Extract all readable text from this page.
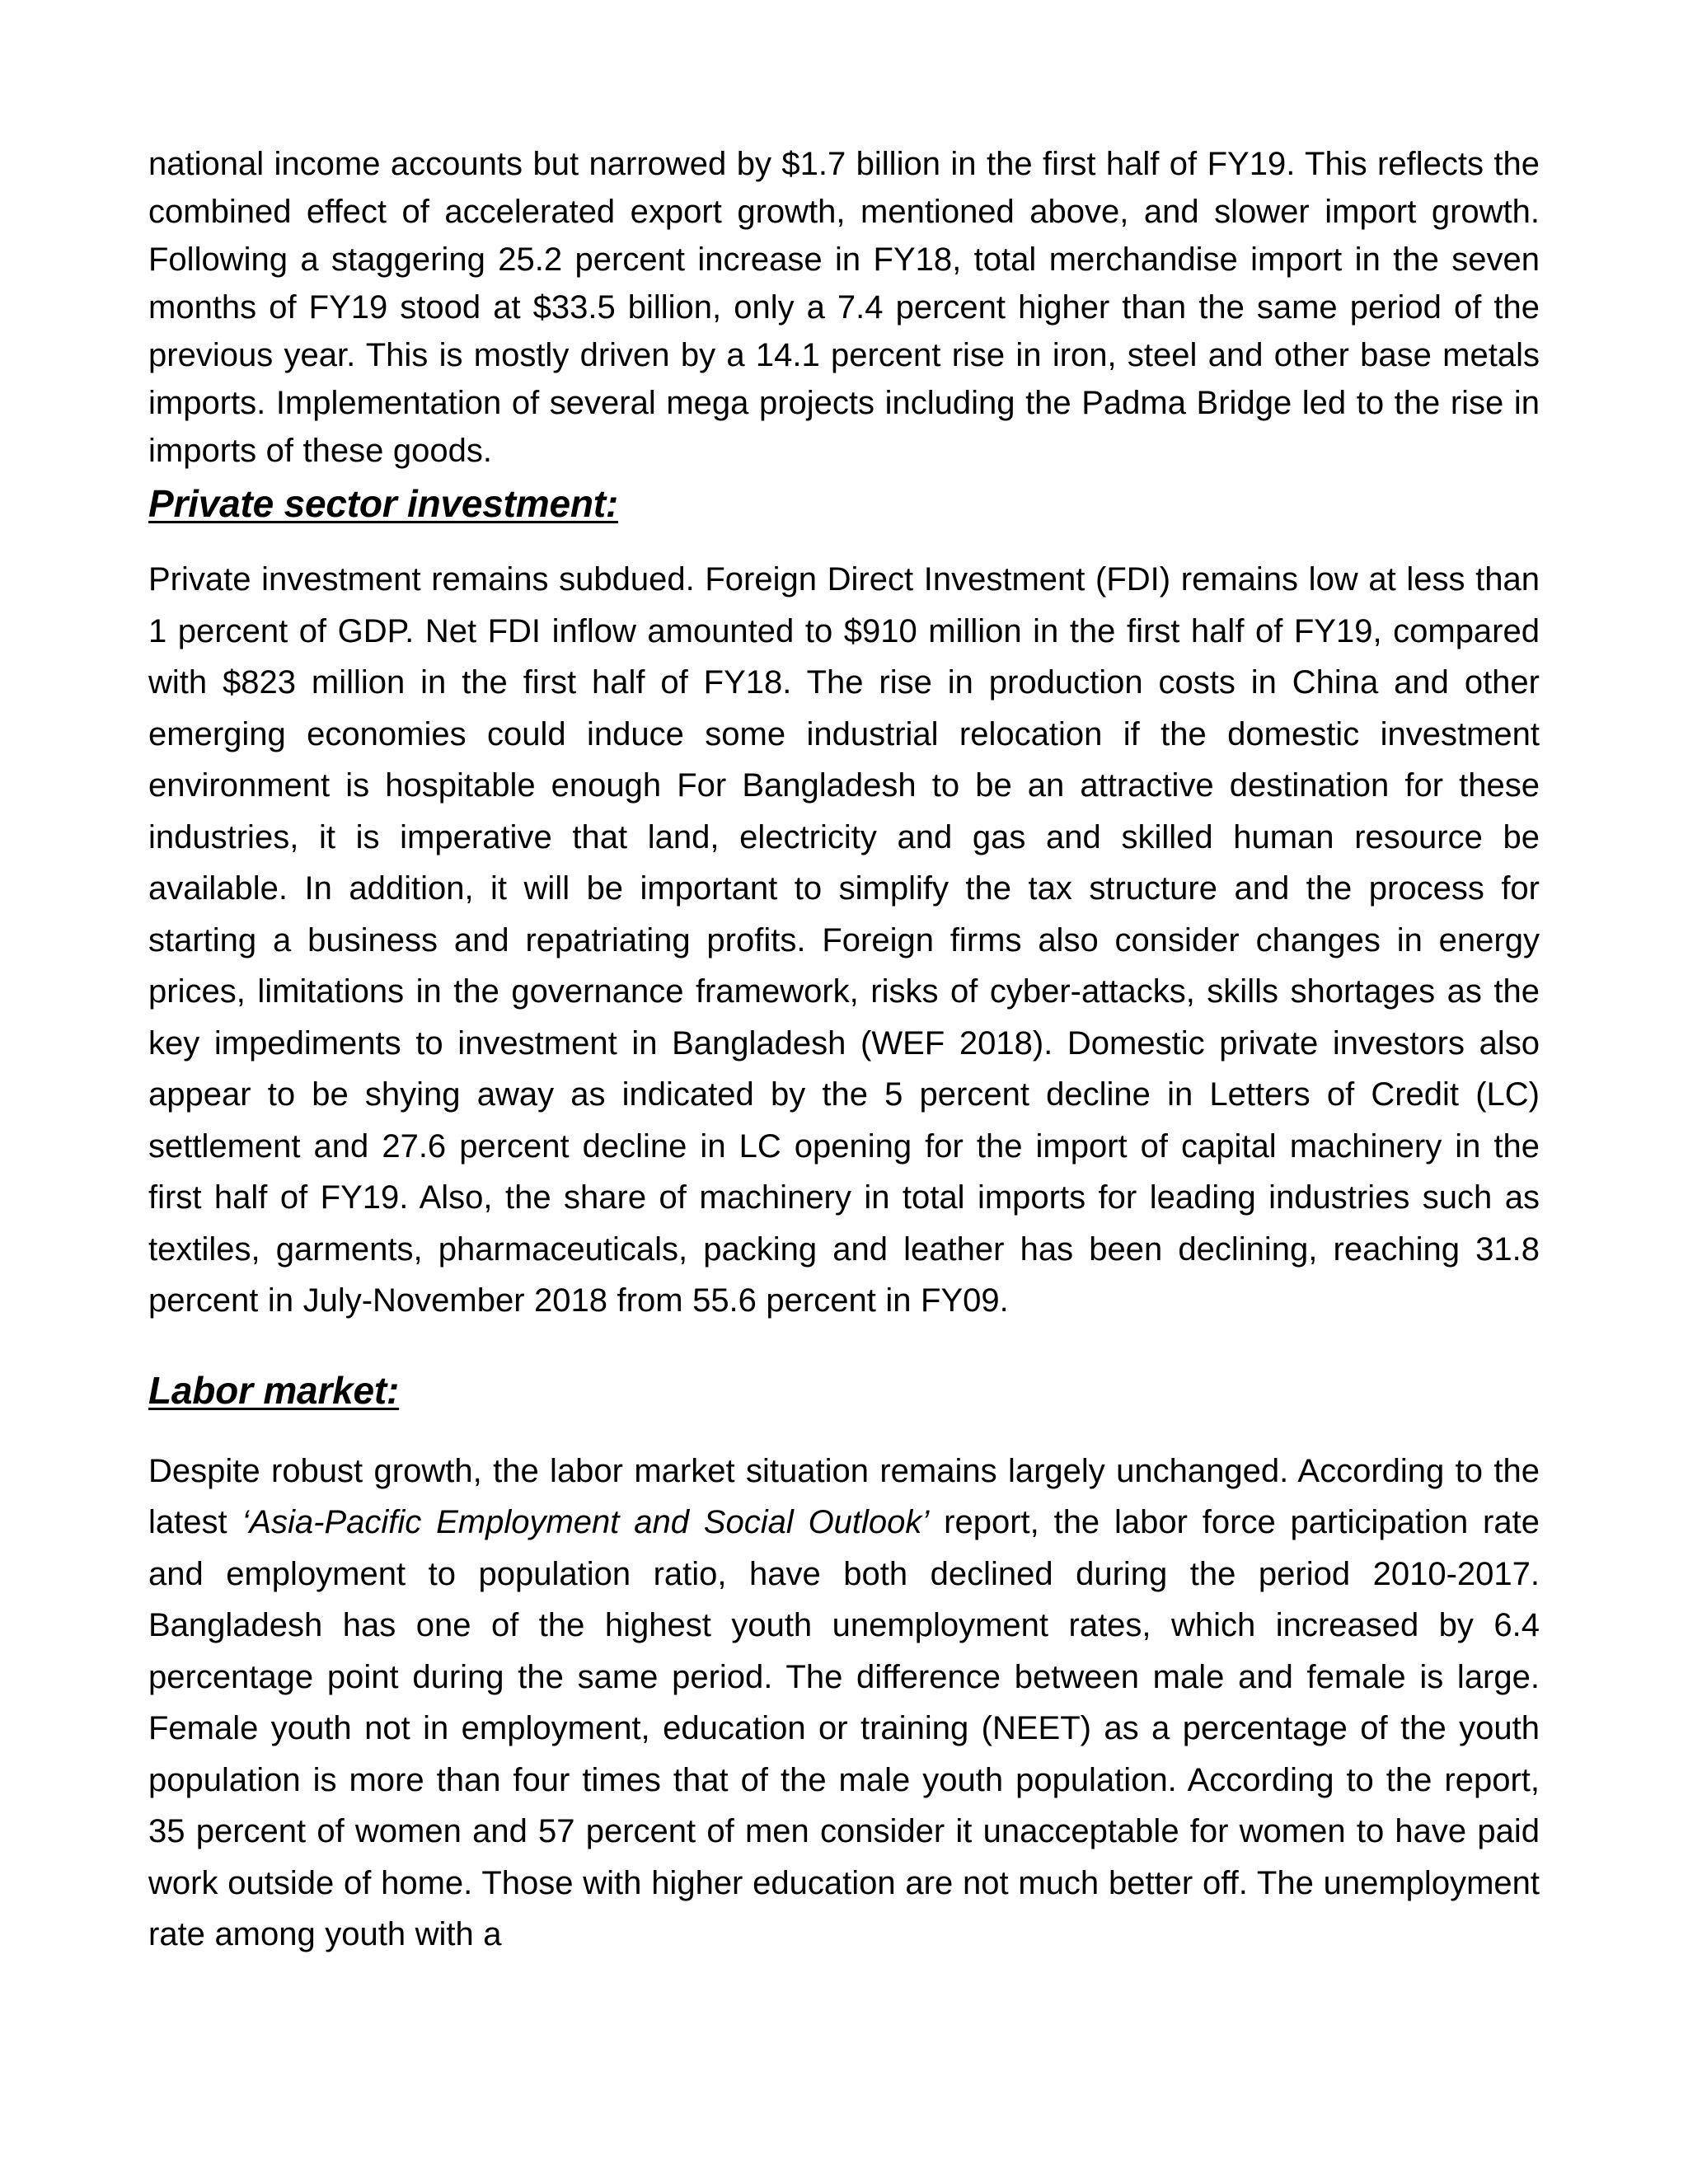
national income accounts but narrowed by $1.7 billion in the first half of FY19. This reflects the combined effect of accelerated export growth, mentioned above, and slower import growth. Following a staggering 25.2 percent increase in FY18, total merchandise import in the seven months of FY19 stood at $33.5 billion, only a 7.4 percent higher than the same period of the previous year. This is mostly driven by a 14.1 percent rise in iron, steel and other base metals imports. Implementation of several mega projects including the Padma Bridge led to the rise in imports of these goods.

Private sector investment:

Private investment remains subdued. Foreign Direct Investment (FDI) remains low at less than 1 percent of GDP. Net FDI inflow amounted to $910 million in the first half of FY19, compared with $823 million in the first half of FY18. The rise in production costs in China and other emerging economies could induce some industrial relocation if the domestic investment environment is hospitable enough For Bangladesh to be an attractive destination for these industries, it is imperative that land, electricity and gas and skilled human resource be available. In addition, it will be important to simplify the tax structure and the process for starting a business and repatriating profits. Foreign firms also consider changes in energy prices, limitations in the governance framework, risks of cyber-attacks, skills shortages as the key impediments to investment in Bangladesh (WEF 2018). Domestic private investors also appear to be shying away as indicated by the 5 percent decline in Letters of Credit (LC) settlement and 27.6 percent decline in LC opening for the import of capital machinery in the first half of FY19. Also, the share of machinery in total imports for leading industries such as textiles, garments, pharmaceuticals, packing and leather has been declining, reaching 31.8 percent in July-November 2018 from 55.6 percent in FY09.

Labor market:

Despite robust growth, the labor market situation remains largely unchanged. According to the latest ‘Asia-Pacific Employment and Social Outlook’ report, the labor force participation rate and employment to population ratio, have both declined during the period 2010-2017. Bangladesh has one of the highest youth unemployment rates, which increased by 6.4 percentage point during the same period. The difference between male and female is large. Female youth not in employment, education or training (NEET) as a percentage of the youth population is more than four times that of the male youth population. According to the report, 35 percent of women and 57 percent of men consider it unacceptable for women to have paid work outside of home. Those with higher education are not much better off. The unemployment rate among youth with a
